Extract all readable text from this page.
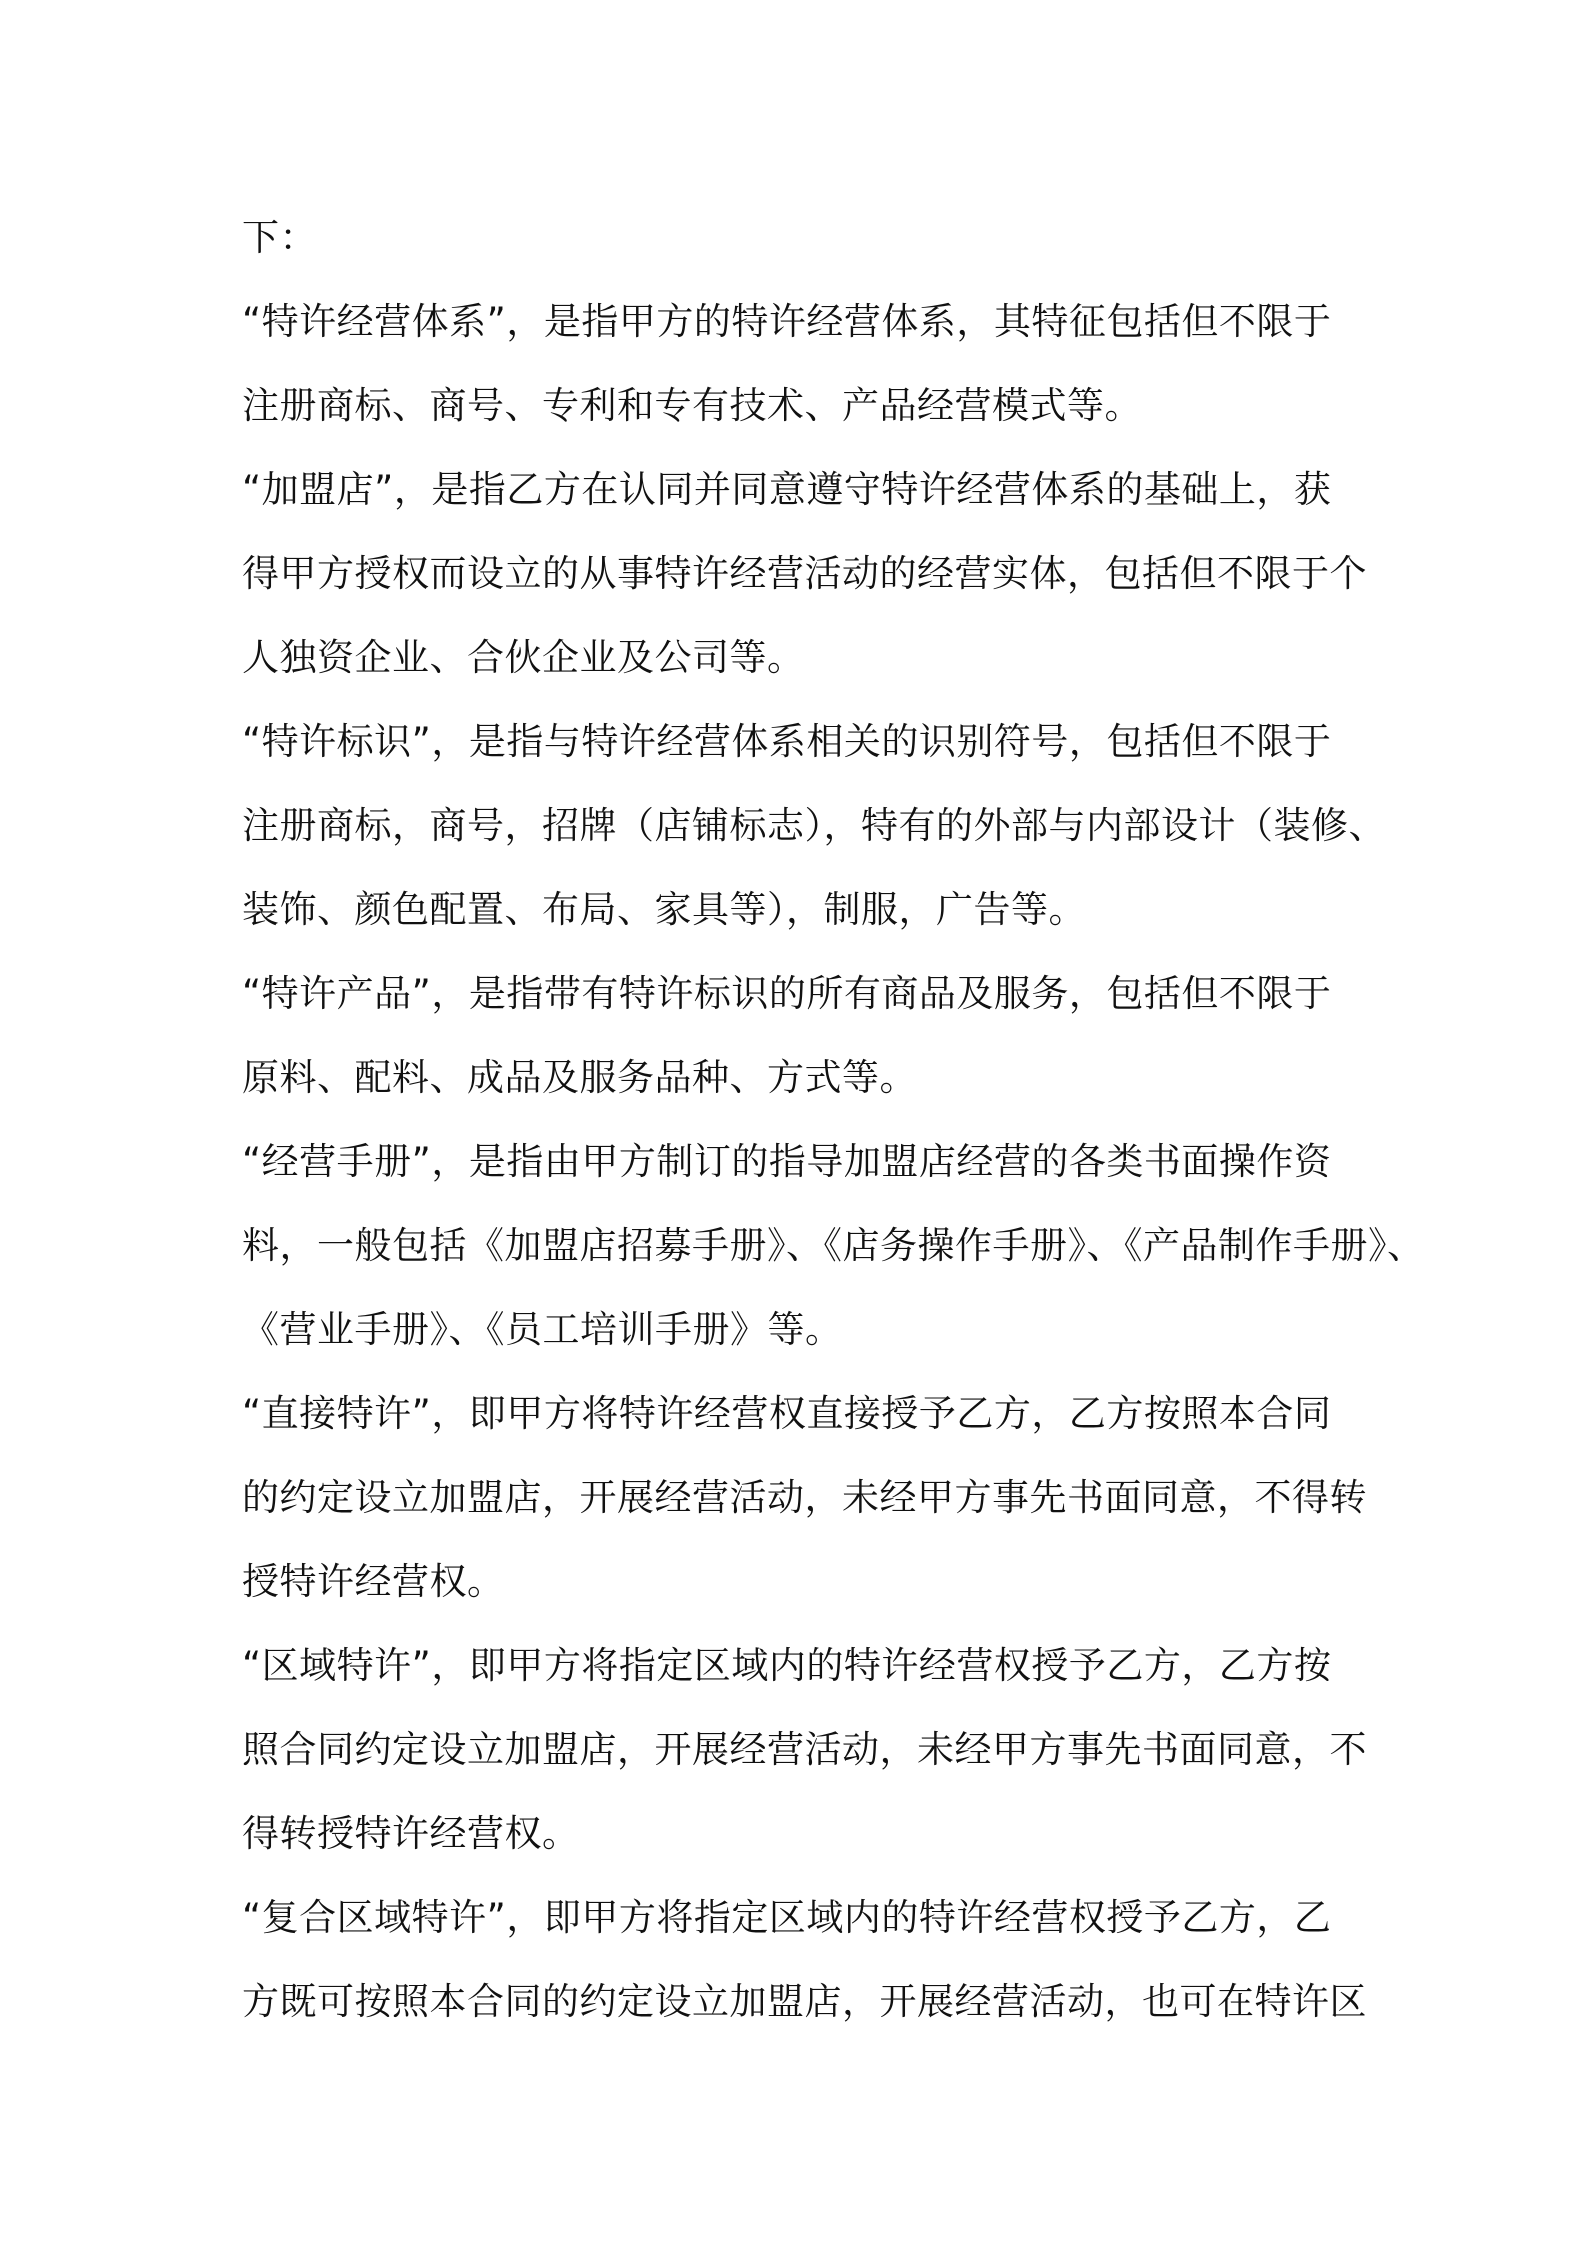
下：
“特许经营体系”，是指甲方的特许经营体系，其特征包括但不限于
注册商标、商号、专利和专有技术、产品经营模式等。
“加盟店”，是指乙方在认同并同意遵守特许经营体系的基础上，获
得甲方授权而设立的从事特许经营活动的经营实体，包括但不限于个
人独资企业、合伙企业及公司等。
“特许标识”，是指与特许经营体系相关的识别符号，包括但不限于
注册商标，商号，招牌（店铺标志），特有的外部与内部设计（装修、
装饰、颜色配置、布局、家具等），制服，广告等。
“特许产品”，是指带有特许标识的所有商品及服务，包括但不限于
原料、配料、成品及服务品种、方式等。
“经营手册”，是指由甲方制订的指导加盟店经营的各类书面操作资
料，一般包括《加盟店招募手册》、《店务操作手册》、《产品制作手册》、
《营业手册》、《员工培训手册》等。
“直接特许”，即甲方将特许经营权直接授予乙方，乙方按照本合同
的约定设立加盟店，开展经营活动，未经甲方事先书面同意，不得转
授特许经营权。
“区域特许”，即甲方将指定区域内的特许经营权授予乙方，乙方按
照合同约定设立加盟店，开展经营活动，未经甲方事先书面同意，不
得转授特许经营权。
“复合区域特许”，即甲方将指定区域内的特许经营权授予乙方，乙
方既可按照本合同的约定设立加盟店，开展经营活动，也可在特许区
